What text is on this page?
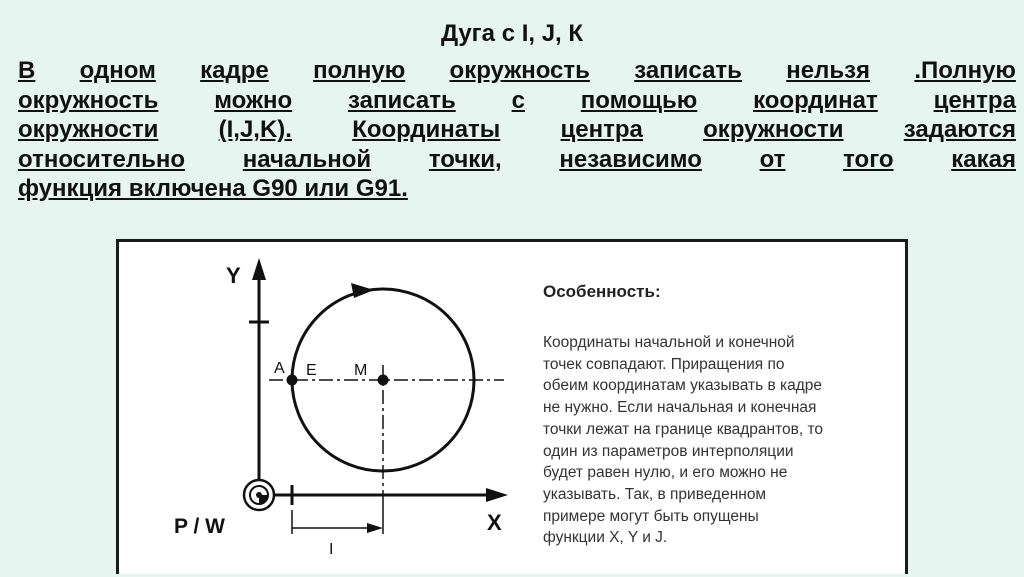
Дуга с I, J, К
В одном кадре полную окружность записать нельзя .Полную
окружность можно записать с помощью координат центра
окружности	(I,J,K).	Координаты	центра	окружности	задаются
относительно начальной точки, независимо от того какая
функция включена G90 или G91.
Y
X
P / W
A E M
I
Особенность:
Координаты начальной и конечной
точек совпадают. Приращения по
обеим координатам указывать в кадре
не нужно. Если начальная и конечная
точки лежат на границе квадрантов, то
один из параметров интерполяции
будет равен нулю, и его можно не
указывать. Так, в приведенном
примере могут быть опущены
функции X, Y и J.
